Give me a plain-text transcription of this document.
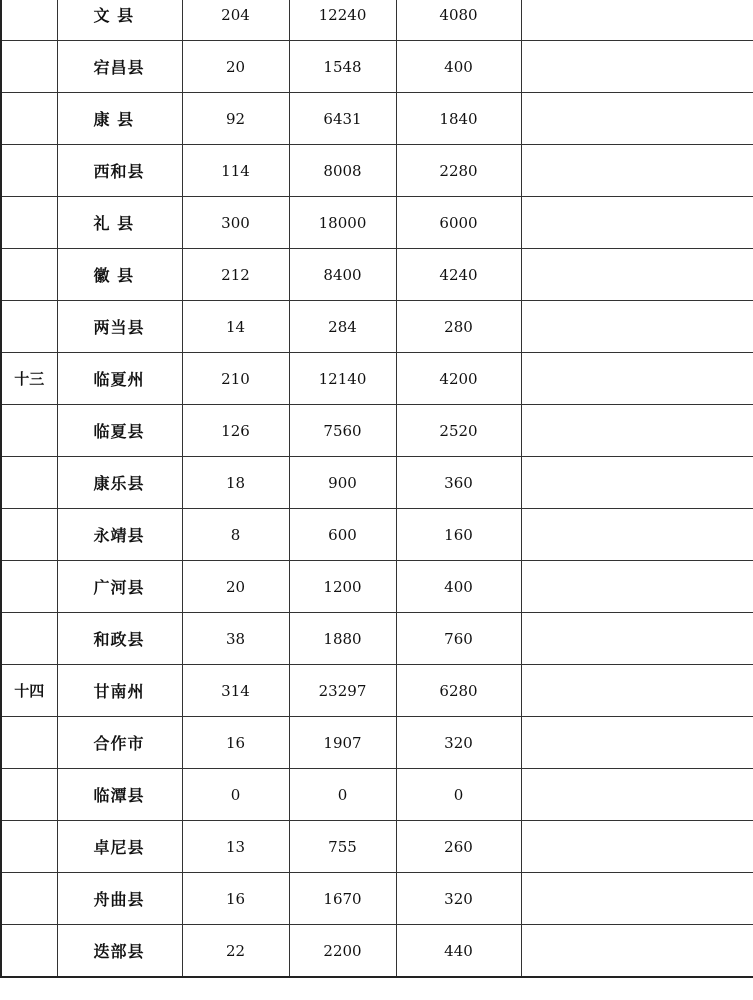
	文 县	204	12240	4080	
	宕昌县	20	1548	400	
	康 县	92	6431	1840	
	西和县	114	8008	2280	
	礼 县	300	18000	6000	
	徽 县	212	8400	4240	
	两当县	14	284	280	
十三	临夏州	210	12140	4200	
	临夏县	126	7560	2520	
	康乐县	18	900	360	
	永靖县	8	600	160	
	广河县	20	1200	400	
	和政县	38	1880	760	
十四	甘南州	314	23297	6280	
	合作市	16	1907	320	
	临潭县	0	0	0	
	卓尼县	13	755	260	
	舟曲县	16	1670	320	
	迭部县	22	2200	440	
